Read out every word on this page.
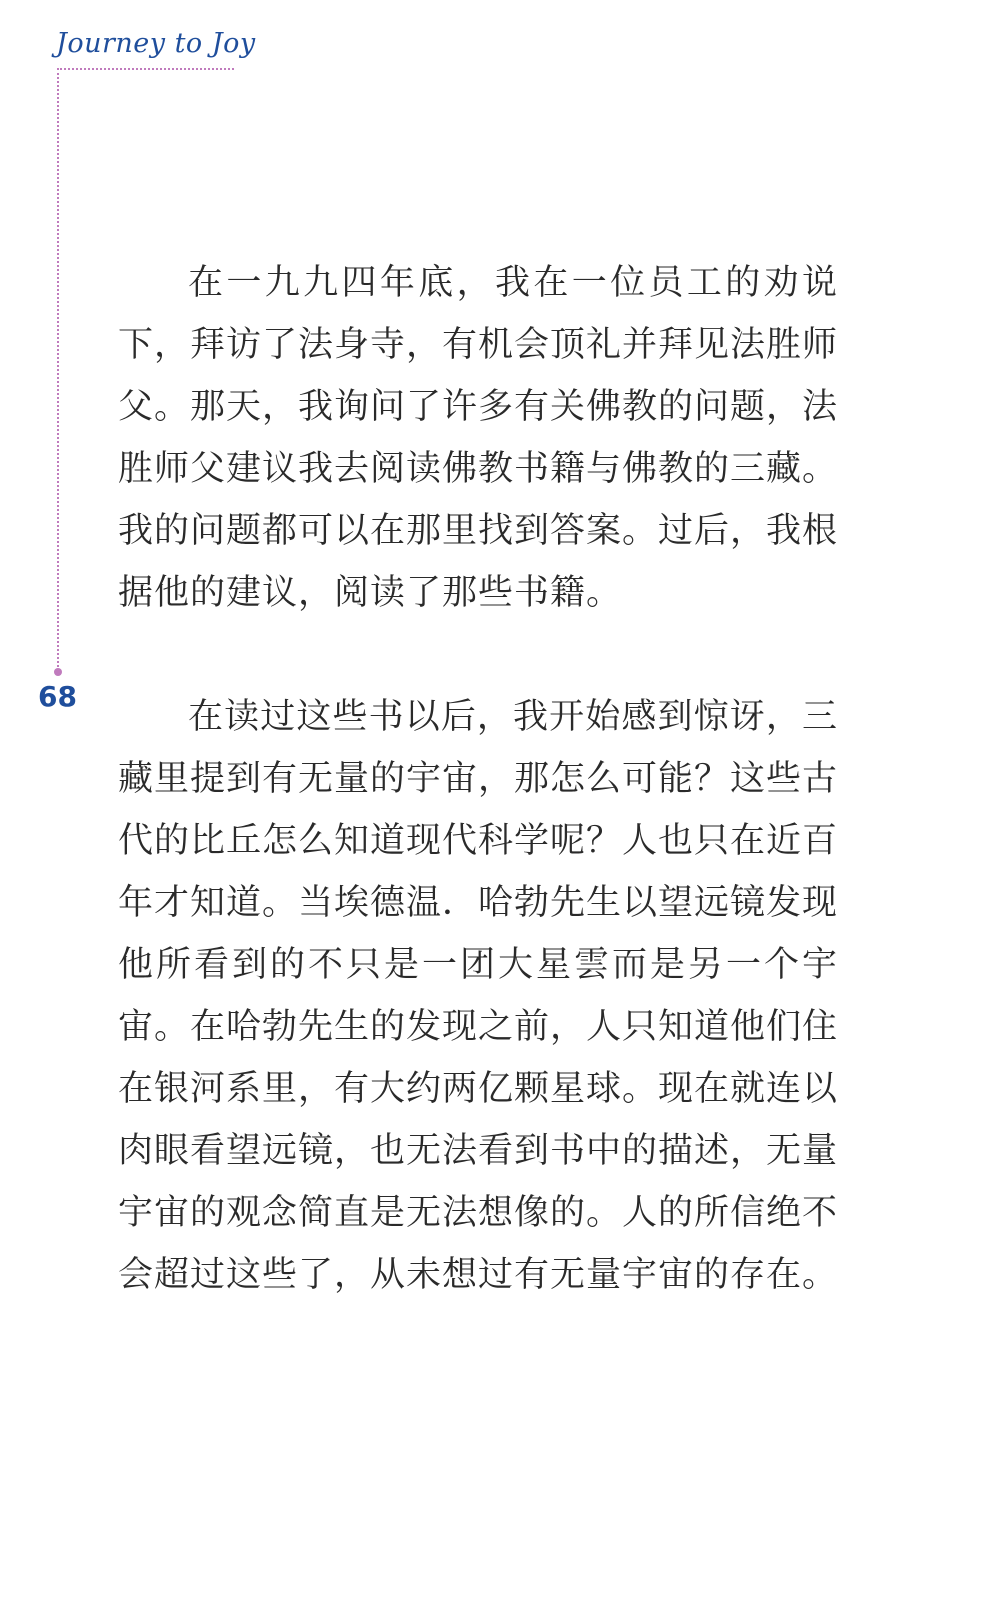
Journey to Joy
68

在一九九四年底，我在一位员工的劝说下，拜访了法身寺，有机会顶礼并拜见法胜师父。那天，我询问了许多有关佛教的问题，法胜师父建议我去阅读佛教书籍与佛教的三藏。我的问题都可以在那里找到答案。过后，我根据他的建议，阅读了那些书籍。

在读过这些书以后，我开始感到惊讶，三藏里提到有无量的宇宙，那怎么可能？这些古代的比丘怎么知道现代科学呢？人也只在近百年才知道。当埃德温．哈勃先生以望远镜发现他所看到的不只是一团大星雲而是另一个宇宙。在哈勃先生的发现之前，人只知道他们住在银河系里，有大约两亿颗星球。现在就连以肉眼看望远镜，也无法看到书中的描述，无量宇宙的观念简直是无法想像的。人的所信绝不会超过这些了，从未想过有无量宇宙的存在。
